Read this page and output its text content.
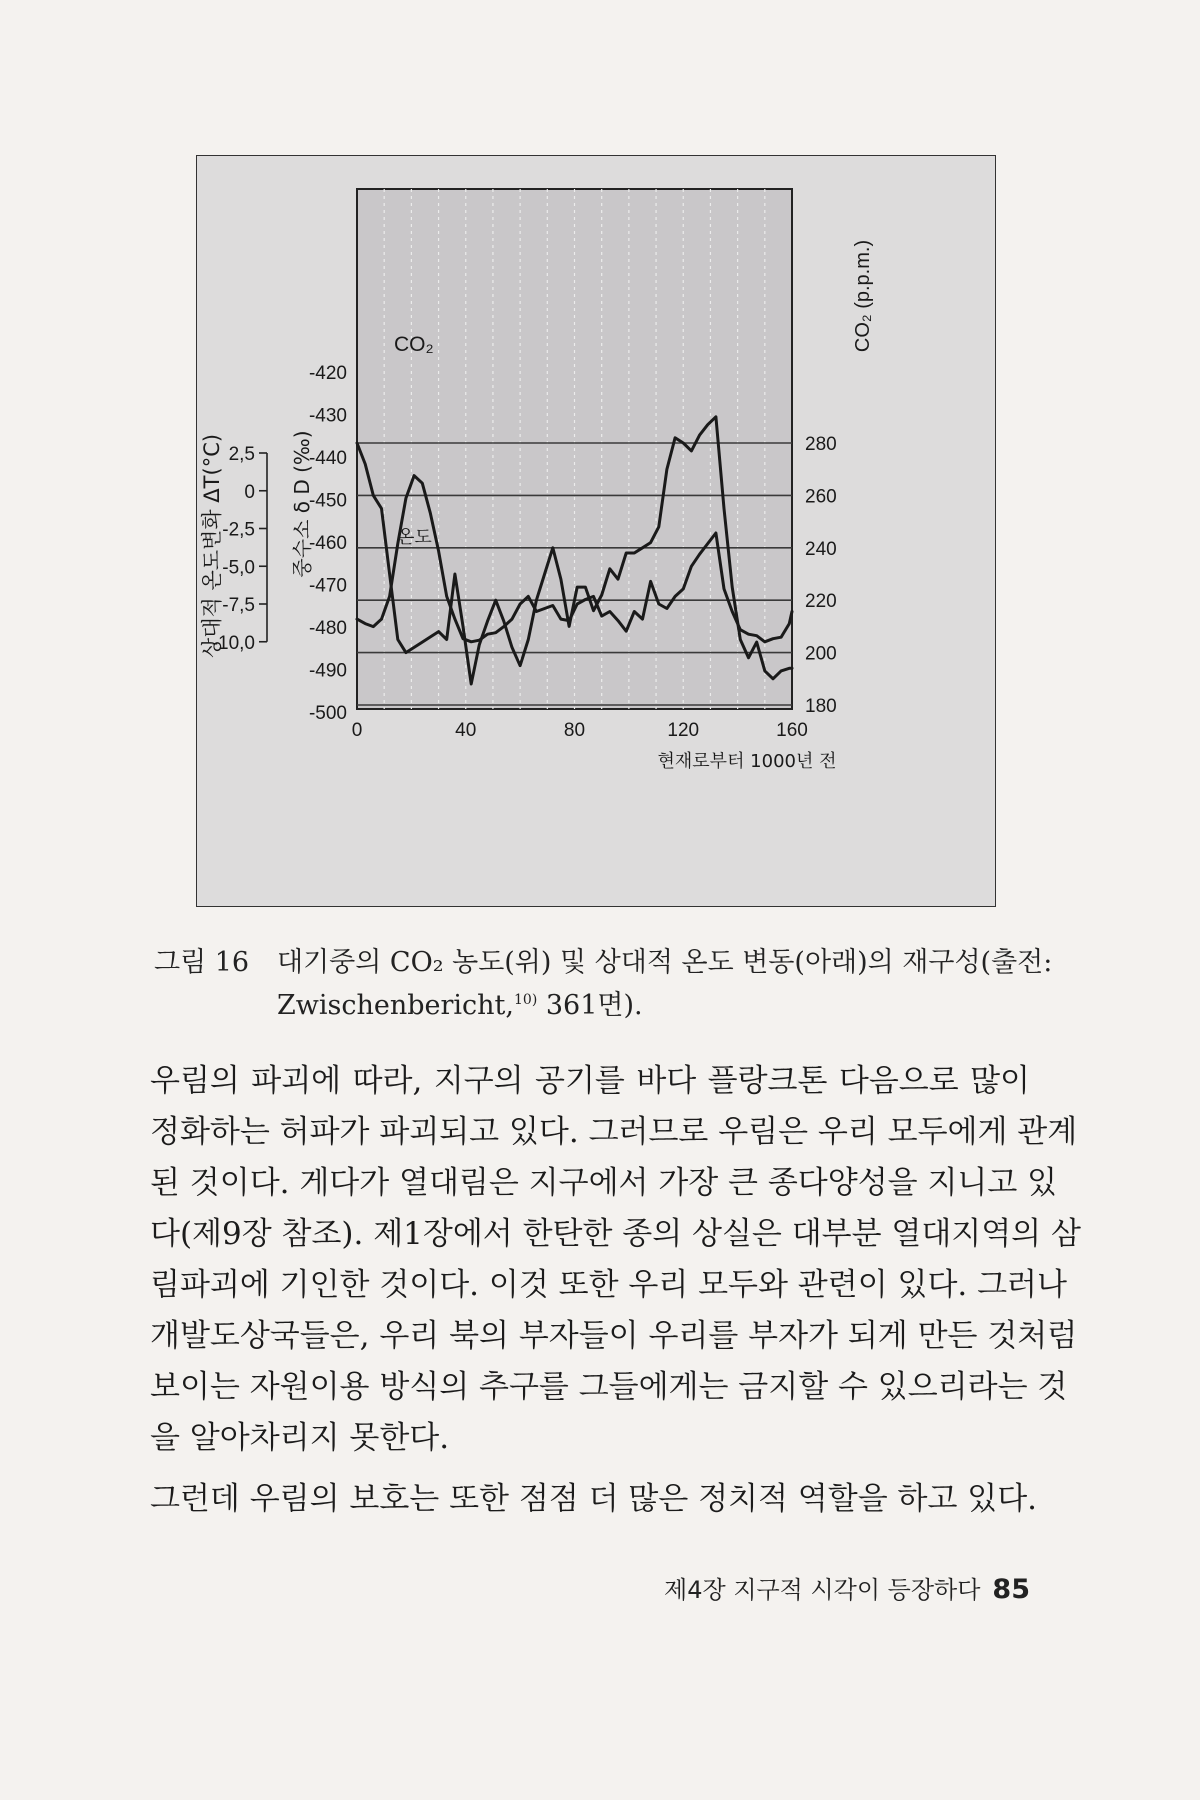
0	40	80	120	160
현재로부터 1000년 전
280
260
240
220
200
180
CO₂ (p.p.m.)
-420
-430
-440
-450
-460
-470
-480
-490
-500
중수소 δ D (‰)
2,5
0
-2,5
-5,0
-7,5
-10,0
상대적 온도변화 ΔT(°C)
CO₂
온도
그림 16 대기중의 CO₂ 농도(위) 및 상대적 온도 변동(아래)의 재구성(출전:
Zwischenbericht,$^{10)}$ 361면).
우림의 파괴에 따라, 지구의 공기를 바다 플랑크톤 다음으로 많이
정화하는 허파가 파괴되고 있다. 그러므로 우림은 우리 모두에게 관계
된 것이다. 게다가 열대림은 지구에서 가장 큰 종다양성을 지니고 있
다(제9장 참조). 제1장에서 한탄한 종의 상실은 대부분 열대지역의 삼
림파괴에 기인한 것이다. 이것 또한 우리 모두와 관련이 있다. 그러나
개발도상국들은, 우리 북의 부자들이 우리를 부자가 되게 만든 것처럼
보이는 자원이용 방식의 추구를 그들에게는 금지할 수 있으리라는 것
을 알아차리지 못한다.
그런데 우림의 보호는 또한 점점 더 많은 정치적 역할을 하고 있다.
제4장 지구적 시각이 등장하다 85
